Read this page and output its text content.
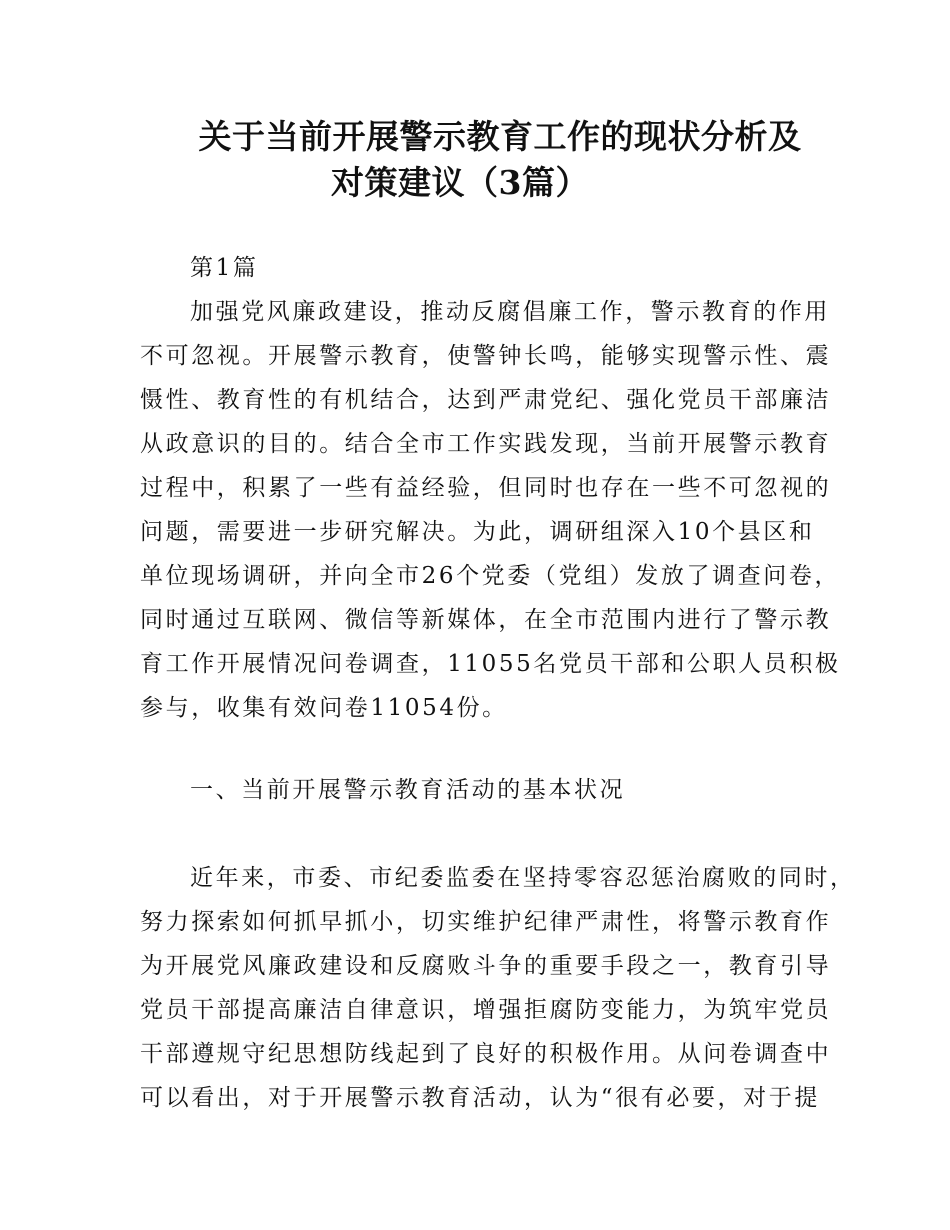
关于当前开展警示教育工作的现状分析及
对策建议（3篇）

第1篇

加强党风廉政建设，推动反腐倡廉工作，警示教育的作用

不可忽视。开展警示教育，使警钟长鸣，能够实现警示性、震

慑性、教育性的有机结合，达到严肃党纪、强化党员干部廉洁

从政意识的目的。结合全市工作实践发现，当前开展警示教育

过程中，积累了一些有益经验，但同时也存在一些不可忽视的

问题，需要进一步研究解决。为此，调研组深入10个县区和

单位现场调研，并向全市26个党委（党组）发放了调查问卷，

同时通过互联网、微信等新媒体，在全市范围内进行了警示教

育工作开展情况问卷调查，11055名党员干部和公职人员积极

参与，收集有效问卷11054份。

一、当前开展警示教育活动的基本状况

近年来，市委、市纪委监委在坚持零容忍惩治腐败的同时，

努力探索如何抓早抓小，切实维护纪律严肃性，将警示教育作

为开展党风廉政建设和反腐败斗争的重要手段之一，教育引导

党员干部提高廉洁自律意识，增强拒腐防变能力，为筑牢党员

干部遵规守纪思想防线起到了良好的积极作用。从问卷调查中

可以看出，对于开展警示教育活动，认为“很有必要，对于提
